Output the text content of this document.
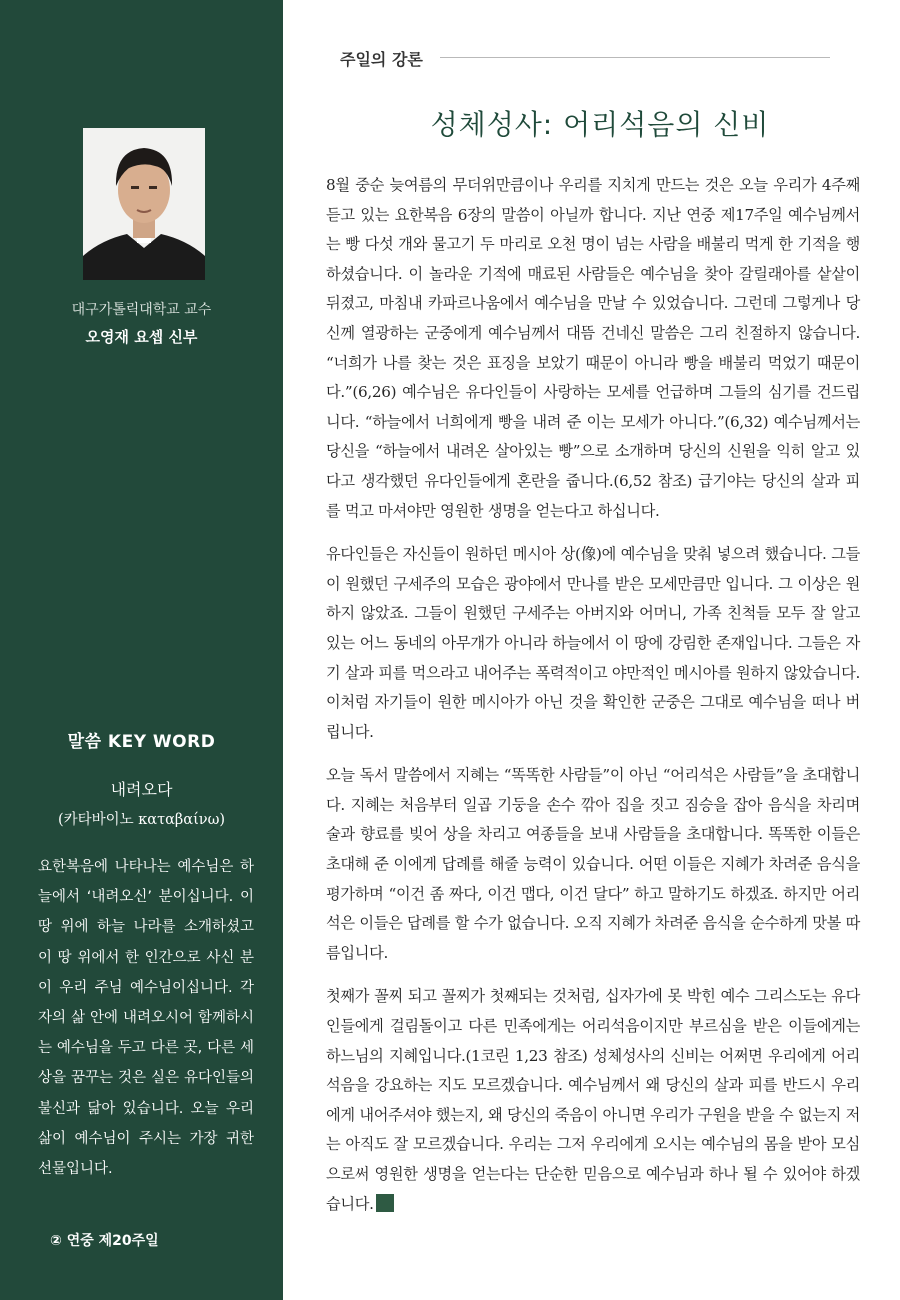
대구가톨릭대학교 교수
오영재 요셉 신부
말씀 KEY WORD
내려오다
(카타바이노 καταβαίνω)
요한복음에 나타나는 예수님은 하늘에서 ‘내려오신’ 분이십니다. 이 땅 위에 하늘 나라를 소개하셨고 이 땅 위에서 한 인간으로 사신 분이 우리 주님 예수님이십니다. 각자의 삶 안에 내려오시어 함께하시는 예수님을 두고 다른 곳, 다른 세상을 꿈꾸는 것은 실은 유다인들의 불신과 닮아 있습니다. 오늘 우리 삶이 예수님이 주시는 가장 귀한 선물입니다.
② 연중 제20주일
주일의 강론
성체성사: 어리석음의 신비

8월 중순 늦여름의 무더위만큼이나 우리를 지치게 만드는 것은 오늘 우리가 4주째 듣고 있는 요한복음 6장의 말씀이 아닐까 합니다. 지난 연중 제17주일 예수님께서는 빵 다섯 개와 물고기 두 마리로 오천 명이 넘는 사람을 배불리 먹게 한 기적을 행하셨습니다. 이 놀라운 기적에 매료된 사람들은 예수님을 찾아 갈릴래아를 샅샅이 뒤졌고, 마침내 카파르나움에서 예수님을 만날 수 있었습니다. 그런데 그렇게나 당신께 열광하는 군중에게 예수님께서 대뜸 건네신 말씀은 그리 친절하지 않습니다. “너희가 나를 찾는 것은 표징을 보았기 때문이 아니라 빵을 배불리 먹었기 때문이다.”(6,26) 예수님은 유다인들이 사랑하는 모세를 언급하며 그들의 심기를 건드립니다. “하늘에서 너희에게 빵을 내려 준 이는 모세가 아니다.”(6,32) 예수님께서는 당신을 “하늘에서 내려온 살아있는 빵”으로 소개하며 당신의 신원을 익히 알고 있다고 생각했던 유다인들에게 혼란을 줍니다.(6,52 참조) 급기야는 당신의 살과 피를 먹고 마셔야만 영원한 생명을 얻는다고 하십니다.

유다인들은 자신들이 원하던 메시아 상(像)에 예수님을 맞춰 넣으려 했습니다. 그들이 원했던 구세주의 모습은 광야에서 만나를 받은 모세만큼만 입니다. 그 이상은 원하지 않았죠. 그들이 원했던 구세주는 아버지와 어머니, 가족 친척들 모두 잘 알고 있는 어느 동네의 아무개가 아니라 하늘에서 이 땅에 강림한 존재입니다. 그들은 자기 살과 피를 먹으라고 내어주는 폭력적이고 야만적인 메시아를 원하지 않았습니다. 이처럼 자기들이 원한 메시아가 아닌 것을 확인한 군중은 그대로 예수님을 떠나 버립니다.

오늘 독서 말씀에서 지혜는 “똑똑한 사람들”이 아닌 “어리석은 사람들”을 초대합니다. 지혜는 처음부터 일곱 기둥을 손수 깎아 집을 짓고 짐승을 잡아 음식을 차리며 술과 향료를 빚어 상을 차리고 여종들을 보내 사람들을 초대합니다. 똑똑한 이들은 초대해 준 이에게 답례를 해줄 능력이 있습니다. 어떤 이들은 지혜가 차려준 음식을 평가하며 “이건 좀 짜다, 이건 맵다, 이건 달다” 하고 말하기도 하겠죠. 하지만 어리석은 이들은 답례를 할 수가 없습니다. 오직 지혜가 차려준 음식을 순수하게 맛볼 따름입니다.

첫째가 꼴찌 되고 꼴찌가 첫째되는 것처럼, 십자가에 못 박힌 예수 그리스도는 유다인들에게 걸림돌이고 다른 민족에게는 어리석음이지만 부르심을 받은 이들에게는 하느님의 지혜입니다.(1코린 1,23 참조) 성체성사의 신비는 어쩌면 우리에게 어리석음을 강요하는 지도 모르겠습니다. 예수님께서 왜 당신의 살과 피를 반드시 우리에게 내어주셔야 했는지, 왜 당신의 죽음이 아니면 우리가 구원을 받을 수 없는지 저는 아직도 잘 모르겠습니다. 우리는 그저 우리에게 오시는 예수님의 몸을 받아 모심으로써 영원한 생명을 얻는다는 단순한 믿음으로 예수님과 하나 될 수 있어야 하겠습니다.
